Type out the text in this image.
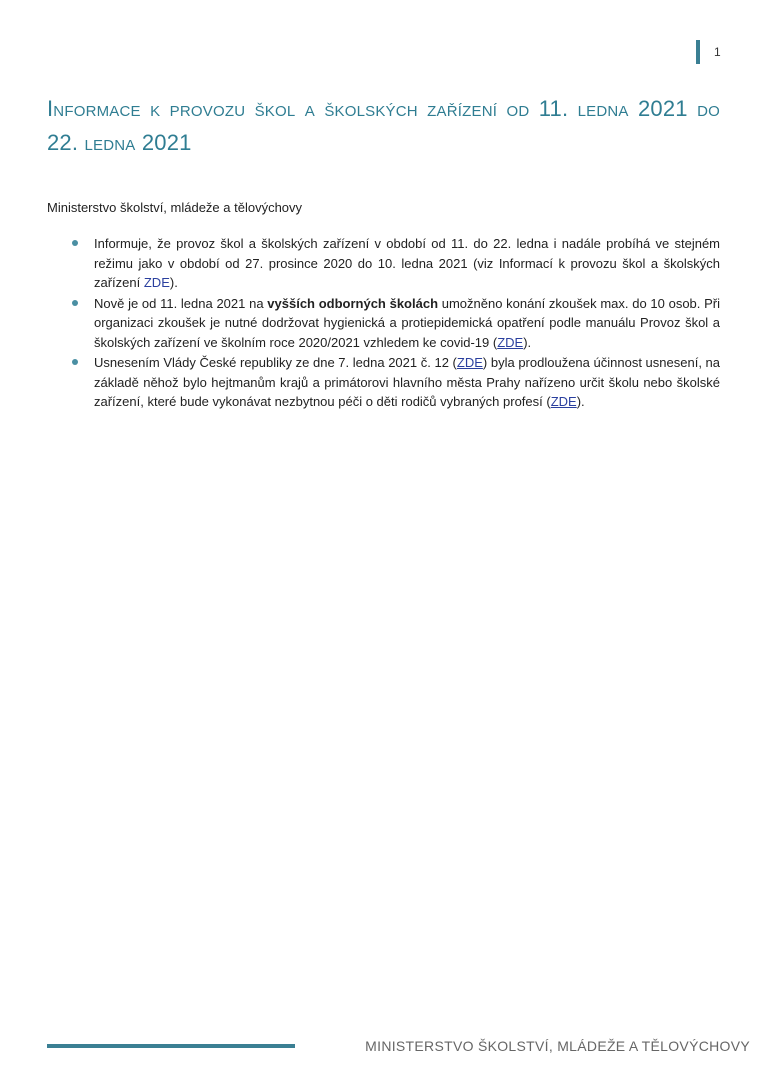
1
Informace k provozu škol a školských zařízení od 11. ledna 2021 do 22. ledna 2021
Ministerstvo školství, mládeže a tělovýchovy
Informuje, že provoz škol a školských zařízení v období od 11. do 22. ledna i nadále probíhá ve stejném režimu jako v období od 27. prosince 2020 do 10. ledna 2021 (viz Informací k provozu škol a školských zařízení ZDE).
Nově je od 11. ledna 2021 na vyšších odborných školách umožněno konání zkoušek max. do 10 osob. Při organizaci zkoušek je nutné dodržovat hygienická a protiepidemická opatření podle manuálu Provoz škol a školských zařízení ve školním roce 2020/2021 vzhledem ke covid-19 (ZDE).
Usnesením Vlády České republiky ze dne 7. ledna 2021 č. 12 (ZDE) byla prodloužena účinnost usnesení, na základě něhož bylo hejtmanům krajů a primátorovi hlavního města Prahy nařízeno určit školu nebo školské zařízení, které bude vykonávat nezbytnou péči o děti rodičů vybraných profesí (ZDE).
MINISTERSTVO ŠKOLSTVÍ, MLÁDEŽE A TĚLOVÝCHOVY
